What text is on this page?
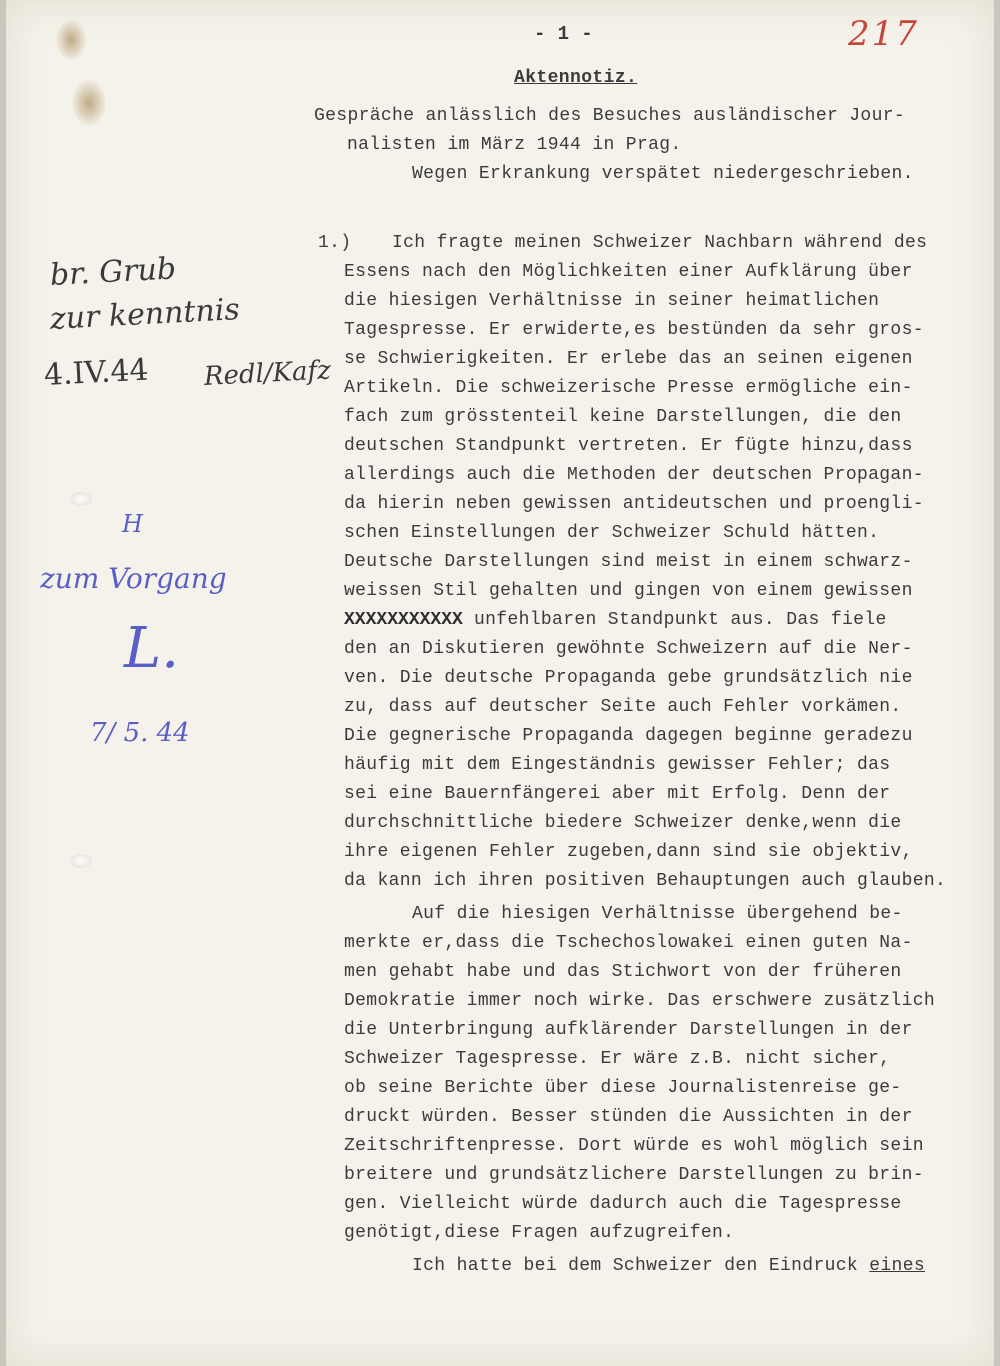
- 1 -	217
Aktennotiz.
Gespräche anlässlich des Besuches ausländischer Jour-
nalisten im März 1944 in Prag.
Wegen Erkrankung verspätet niedergeschrieben.
1.) Ich fragte meinen Schweizer Nachbarn während des
Essens nach den Möglichkeiten einer Aufklärung über
die hiesigen Verhältnisse in seiner heimatlichen
Tagespresse. Er erwiderte,es bestünden da sehr gros-
se Schwierigkeiten. Er erlebe das an seinen eigenen
Artikeln. Die schweizerische Presse ermögliche ein-
fach zum grösstenteil keine Darstellungen, die den
deutschen Standpunkt vertreten. Er fügte hinzu,dass
allerdings auch die Methoden der deutschen Propagan-
da hierin neben gewissen antideutschen und proengli-
schen Einstellungen der Schweizer Schuld hätten.
Deutsche Darstellungen sind meist in einem schwarz-
weissen Stil gehalten und gingen von einem gewissen
XXXXXXXXXXX unfehlbaren Standpunkt aus. Das fiele
den an Diskutieren gewöhnte Schweizern auf die Ner-
ven. Die deutsche Propaganda gebe grundsätzlich nie
zu, dass auf deutscher Seite auch Fehler vorkämen.
Die gegnerische Propaganda dagegen beginne geradezu
häufig mit dem Eingeständnis gewisser Fehler; das
sei eine Bauernfängerei aber mit Erfolg. Denn der
durchschnittliche biedere Schweizer denke,wenn die
ihre eigenen Fehler zugeben,dann sind sie objektiv,
da kann ich ihren positiven Behauptungen auch glauben.
Auf die hiesigen Verhältnisse übergehend be-
merkte er,dass die Tschechoslowakei einen guten Na-
men gehabt habe und das Stichwort von der früheren
Demokratie immer noch wirke. Das erschwere zusätzlich
die Unterbringung aufklärender Darstellungen in der
Schweizer Tagespresse. Er wäre z.B. nicht sicher,
ob seine Berichte über diese Journalistenreise ge-
druckt würden. Besser stünden die Aussichten in der
Zeitschriftenpresse. Dort würde es wohl möglich sein
breitere und grundsätzlichere Darstellungen zu brin-
gen. Vielleicht würde dadurch auch die Tagespresse
genötigt,diese Fragen aufzugreifen.
Ich hatte bei dem Schweizer den Eindruck eines
br. Grub
zur kenntnis
4.IV.44 Redl/Kafz
H
zum Vorgang
L.
7/ 5. 44
